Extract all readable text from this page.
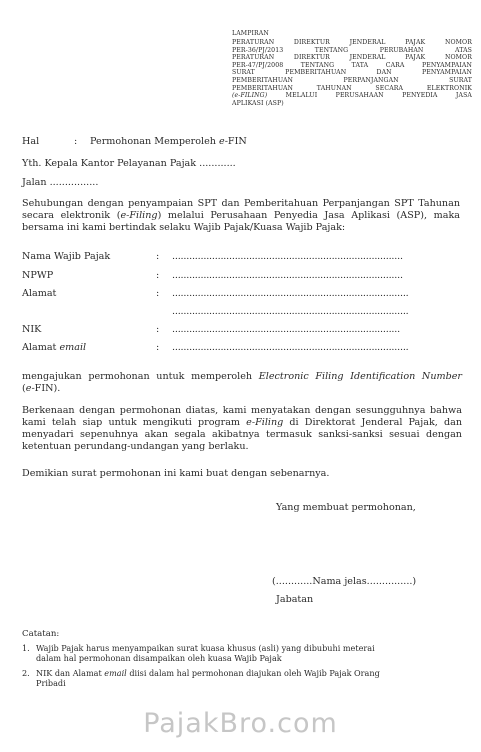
LAMPIRAN
PERATURAN DIREKTUR JENDERAL PAJAK NOMOR
PER-36/PJ/2013 TENTANG PERUBAHAN ATAS
PERATURAN DIREKTUR JENDERAL PAJAK NOMOR
PER-47/PJ/2008 TENTANG TATA CARA PENYAMPAIAN
SURAT PEMBERITAHUAN DAN PENYAMPAIAN
PEMBERITAHUAN PERPANJANGAN SURAT
PEMBERITAHUAN TAHUNAN SECARA ELEKTRONIK
(e-FILING) MELALUI PERUSAHAAN PENYEDIA JASA
APLIKASI (ASP)
Hal	: Permohonan Memperoleh e-FIN
Yth. Kepala Kantor Pelayanan Pajak ............
Jalan ................
Sehubungan dengan penyampaian SPT dan Pemberitahuan Perpanjangan SPT Tahunan secara elektronik (e-Filing) melalui Perusahaan Penyedia Jasa Aplikasi (ASP), maka bersama ini kami bertindak selaku Wajib Pajak/Kuasa Wajib Pajak:
Nama Wajib Pajak	: .................................................................................
NPWP	: .................................................................................
Alamat	: ...................................................................................
...................................................................................
NIK	: ................................................................................
Alamat email	: ...................................................................................
mengajukan permohonan untuk memperoleh Electronic Filing Identification Number
(e-FIN).
Berkenaan dengan permohonan diatas, kami menyatakan dengan sesungguhnya bahwa kami telah siap untuk mengikuti program e-Filing di Direktorat Jenderal Pajak, dan menyadari sepenuhnya akan segala akibatnya termasuk sanksi-sanksi sesuai dengan ketentuan perundang-undangan yang berlaku.
Demikian surat permohonan ini kami buat dengan sebenarnya.
Yang membuat permohonan,
(............Nama jelas...............)
Jabatan
Catatan:
1. Wajib Pajak harus menyampaikan surat kuasa khusus (asli) yang dibubuhi meterai
dalam hal permohonan disampaikan oleh kuasa Wajib Pajak
2. NIK dan Alamat email diisi dalam hal permohonan diajukan oleh Wajib Pajak Orang
Pribadi
PajakBro.com
